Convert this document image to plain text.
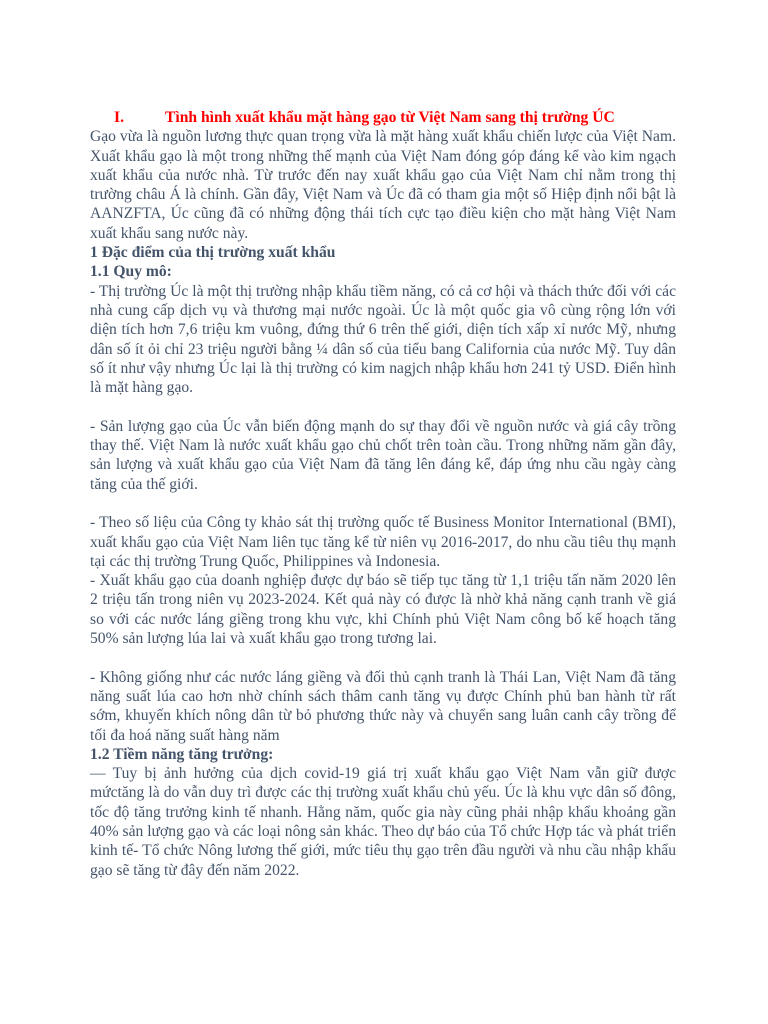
I.	Tình hình xuất khẩu mặt hàng gạo từ Việt Nam sang thị trường ÚC

Gạo vừa là nguồn lương thực quan trọng vừa là mặt hàng xuất khẩu chiến lược của Việt Nam. Xuất khẩu gạo là một trong những thế mạnh của Việt Nam đóng góp đáng kể vào kim ngạch xuất khẩu của nước nhà. Từ trước đến nay xuất khẩu gạo của Việt Nam chỉ nằm trong thị trường châu Á là chính. Gần đây, Việt Nam và Úc đã có tham gia một số Hiệp định nổi bật là AANZFTA, Úc cũng đã có những động thái tích cực tạo điều kiện cho mặt hàng Việt Nam xuất khẩu sang nước này.

1 Đặc điểm của thị trường xuất khẩu
1.1 Quy mô:

- Thị trường Úc là một thị trường nhập khẩu tiềm năng, có cả cơ hội và thách thức đối với các nhà cung cấp dịch vụ và thương mại nước ngoài. Úc là một quốc gia vô cùng rộng lớn với diện tích hơn 7,6 triệu km vuông, đứng thứ 6 trên thế giới, diện tích xấp xỉ nước Mỹ, nhưng dân số ít ỏi chỉ 23 triệu người bằng ¼ dân số của tiểu bang California của nước Mỹ. Tuy dân số ít như vậy nhưng Úc lại là thị trường có kim nagjch nhập khẩu hơn 241 tỷ USD. Điển hình là mặt hàng gạo.

- Sản lượng gạo của Úc vẫn biến động mạnh do sự thay đổi về nguồn nước và giá cây trồng thay thế. Việt Nam là nước xuất khẩu gạo chủ chốt trên toàn cầu. Trong những năm gần đây, sản lượng và xuất khẩu gạo của Việt Nam đã tăng lên đáng kể, đáp ứng nhu cầu ngày càng tăng của thế giới.

- Theo số liệu của Công ty khảo sát thị trường quốc tế Business Monitor International (BMI), xuất khẩu gạo của Việt Nam liên tục tăng kể từ niên vụ 2016-2017, do nhu cầu tiêu thụ mạnh tại các thị trường Trung Quốc, Philippines và Indonesia.

- Xuất khẩu gạo của doanh nghiệp được dự báo sẽ tiếp tục tăng từ 1,1 triệu tấn năm 2020 lên 2 triệu tấn trong niên vụ 2023-2024. Kết quả này có được là nhờ khả năng cạnh tranh về giá so với các nước láng giềng trong khu vực, khi Chính phủ Việt Nam công bố kế hoạch tăng 50% sản lượng lúa lai và xuất khẩu gạo trong tương lai.

- Không giống như các nước láng giềng và đối thủ cạnh tranh là Thái Lan, Việt Nam đã tăng năng suất lúa cao hơn nhờ chính sách thâm canh tăng vụ được Chính phủ ban hành từ rất sớm, khuyến khích nông dân từ bỏ phương thức này và chuyển sang luân canh cây trồng để tối đa hoá năng suất hàng năm

1.2 Tiềm năng tăng trưởng:

— Tuy bị ảnh hưởng của dịch covid-19 giá trị xuất khẩu gạo Việt Nam vẫn giữ được mứctăng là do vẫn duy trì được các thị trường xuất khẩu chủ yếu. Úc là khu vực dân số đông, tốc độ tăng trưởng kinh tế nhanh. Hằng năm, quốc gia này cũng phải nhập khẩu khoảng gần 40% sản lượng gạo và các loại nông sản khác. Theo dự báo của Tổ chức Hợp tác và phát triển kinh tế- Tổ chức Nông lương thế giới, mức tiêu thụ gạo trên đầu người và nhu cầu nhập khẩu gạo sẽ tăng từ đây đến năm 2022.
